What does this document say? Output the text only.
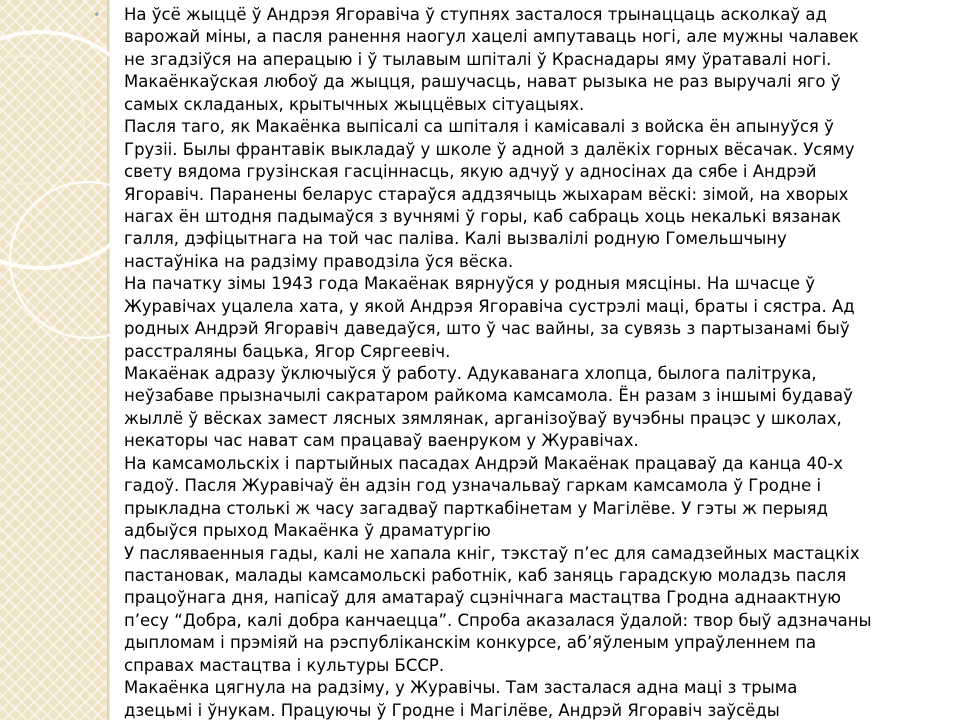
• На ўсё жыццё ў Андрэя Ягоравіча ў ступнях засталося трынаццаць асколкаў ад
варожай міны, а пасля ранення наогул хацелі ампутаваць ногі, але мужны чалавек
не згадзіўся на аперацыю і ў тылавым шпіталі ў Краснадары яму ўратавалі ногі.
Макаёнкаўская любоў да жыцця, рашучасць, нават рызыка не раз выручалі яго ў
самых складаных, крытычных жыццёвых сітуацыях.
Пасля таго, як Макаёнка выпісалі са шпіталя і камісавалі з войска ён апынуўся ў
Грузіі. Былы франтавік выкладаў у школе ў адной з далёкіх горных вёсачак. Усяму
свету вядома грузінская гасціннасць, якую адчуў у адносінах да сябе і Андрэй
Ягоравіч. Паранены беларус стараўся аддзячыць жыхарам вёскі: зімой, на хворых
нагах ён штодня падымаўся з вучнямі ў горы, каб сабраць хоць некалькі вязанак
галля, дэфіцытнага на той час паліва. Калі вызвалілі родную Гомельшчыну
настаўніка на радзіму праводзіла ўся вёска.
На пачатку зімы 1943 года Макаёнак вярнуўся у родныя мясціны. На шчасце ў
Журавічах уцалела хата, у якой Андрэя Ягоравіча сустрэлі маці, браты і сястра. Ад
родных Андрэй Ягоравіч даведаўся, што ў час вайны, за сувязь з партызанамі быў
расстраляны бацька, Ягор Сяргеевіч.
Макаёнак адразу ўключыўся ў работу. Адукаванага хлопца, былога палітрука,
неўзабаве прызначылі сакратаром райкома камсамола. Ён разам з іншымі будаваў
жыллё ў вёсках замест лясных зямлянак, арганізоўваў вучэбны працэс у школах,
некаторы час нават сам працаваў ваенруком у Журавічах.
На камсамольскіх і партыйных пасадах Андрэй Макаёнак працаваў да канца 40-х
гадоў. Пасля Журавічаў ён адзін год узначальваў гаркам камсамола ў Гродне і
прыкладна столькі ж часу загадваў парткабінетам у Магілёве. У гэты ж перыяд
адбыўся прыход Макаёнка ў драматургію
У пасляваенныя гады, калі не хапала кніг, тэкстаў п’ес для самадзейных мастацкіх
пастановак, малады камсамольскі работнік, каб заняць гарадскую моладзь пасля
працоўнага дня, напісаў для аматараў сцэнічнага мастацтва Гродна аднаактную
п’есу “Добра, калі добра канчаецца”. Спроба аказалася ўдалой: твор быў адзначаны
дыпломам і прэміяй на рэспубліканскім конкурсе, аб’яўленым упраўленнем па
справах мастацтва і культуры БССР.
Макаёнка цягнула на радзіму, у Журавічы. Там засталася адна маці з трыма
дзецьмі і ўнукам. Працуючы ў Гродне і Магілёве, Андрэй Ягоравіч заўсёды
